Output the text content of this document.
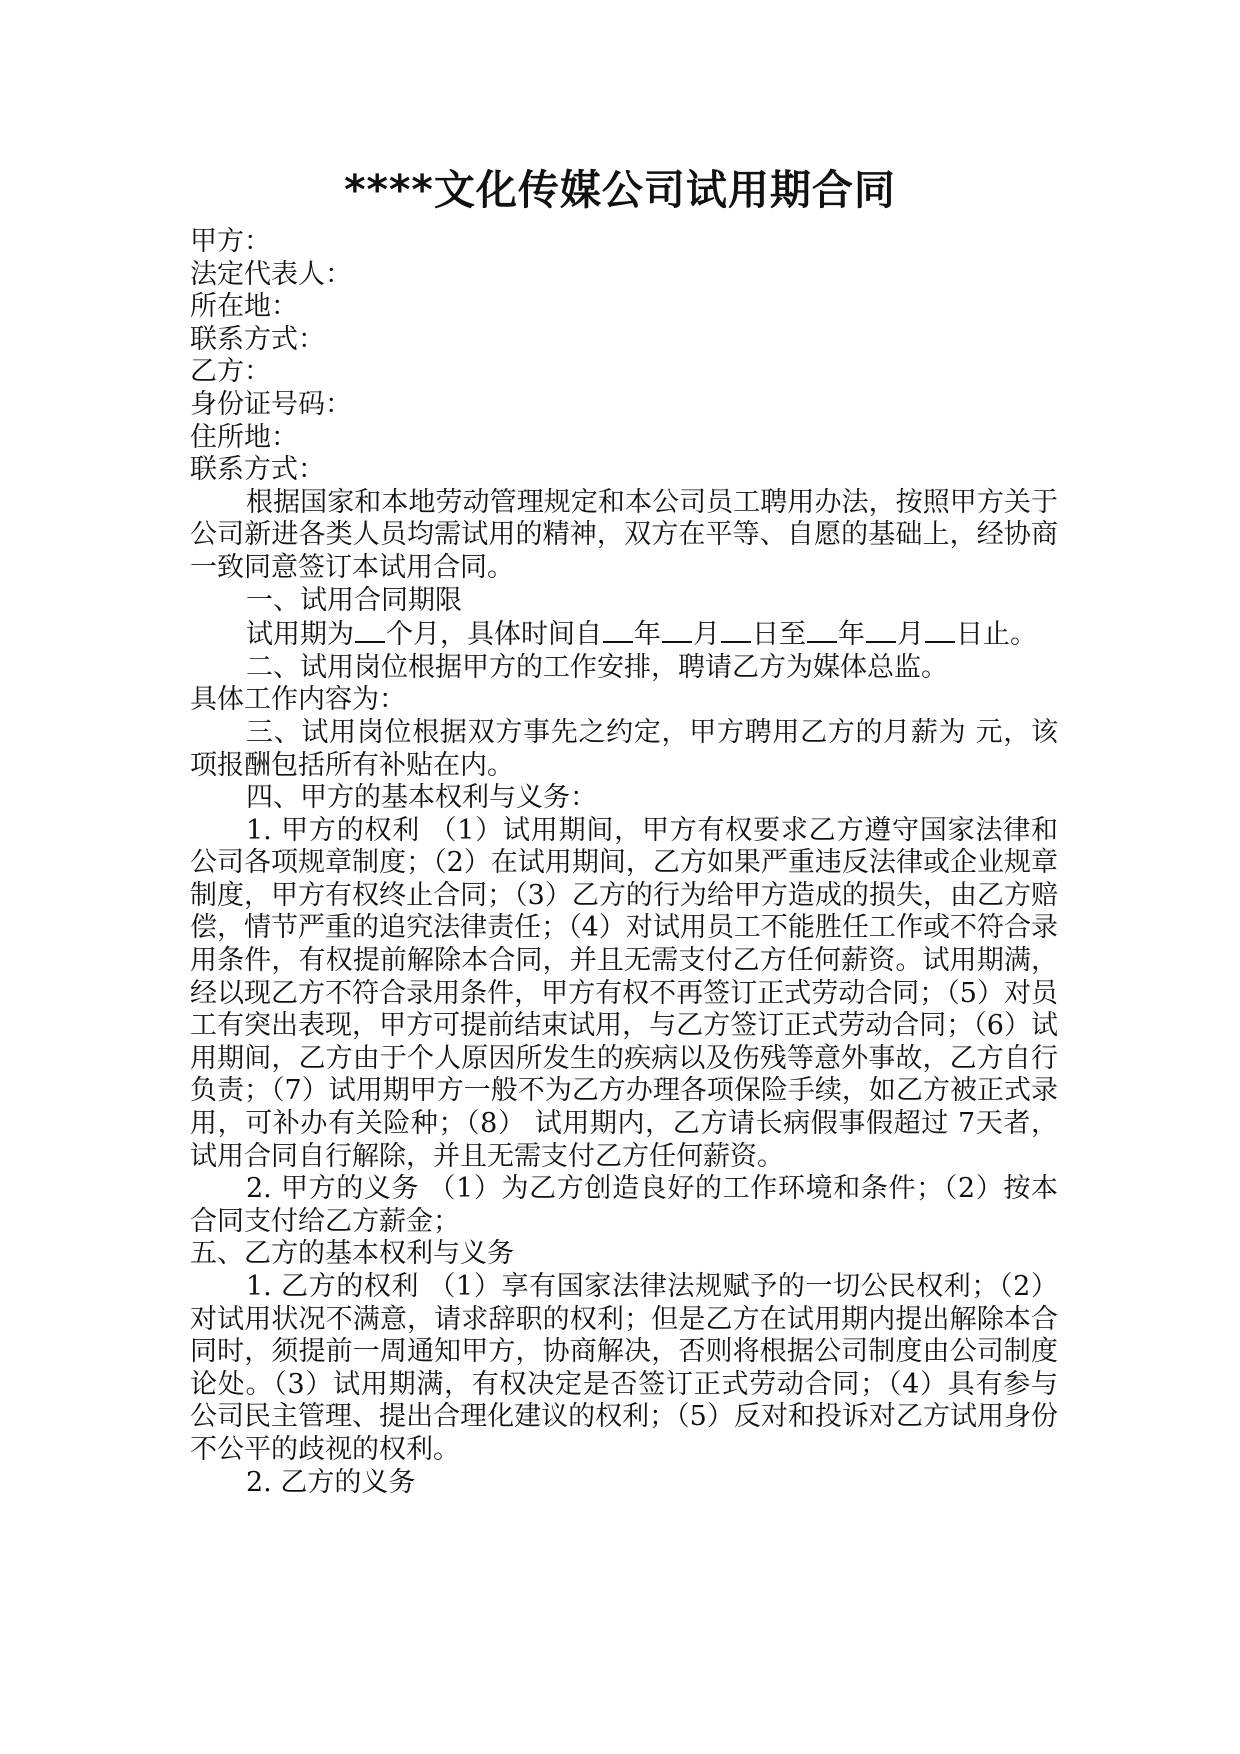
****文化传媒公司试用期合同

甲方：

法定代表人：

所在地：

联系方式：

乙方：

身份证号码：

住所地：

联系方式：

根据国家和本地劳动管理规定和本公司员工聘用办法，按照甲方关于公司新进各类人员均需试用的精神，双方在平等、自愿的基础上，经协商一致同意签订本试用合同。

一、试用合同期限

试用期为 个月，具体时间自 年 月 日至 年 月 日止。

二、试用岗位根据甲方的工作安排，聘请乙方为媒体总监。

具体工作内容为：

三、试用岗位根据双方事先之约定，甲方聘用乙方的月薪为 元，该项报酬包括所有补贴在内。

四、甲方的基本权利与义务：

1. 甲方的权利 （1）试用期间，甲方有权要求乙方遵守国家法律和公司各项规章制度；（2）在试用期间，乙方如果严重违反法律或企业规章制度，甲方有权终止合同；（3）乙方的行为给甲方造成的损失，由乙方赔偿，情节严重的追究法律责任；（4）对试用员工不能胜任工作或不符合录用条件，有权提前解除本合同，并且无需支付乙方任何薪资。试用期满，经以现乙方不符合录用条件，甲方有权不再签订正式劳动合同；（5）对员工有突出表现，甲方可提前结束试用，与乙方签订正式劳动合同；（6）试用期间，乙方由于个人原因所发生的疾病以及伤残等意外事故，乙方自行负责；（7）试用期甲方一般不为乙方办理各项保险手续，如乙方被正式录用，可补办有关险种；（8） 试用期内，乙方请长病假事假超过 7天者，试用合同自行解除，并且无需支付乙方任何薪资。

2. 甲方的义务 （1）为乙方创造良好的工作环境和条件；（2）按本合同支付给乙方薪金；

五、乙方的基本权利与义务

1. 乙方的权利 （1）享有国家法律法规赋予的一切公民权利；（2）对试用状况不满意，请求辞职的权利；但是乙方在试用期内提出解除本合同时，须提前一周通知甲方，协商解决，否则将根据公司制度由公司制度论处。（3）试用期满，有权决定是否签订正式劳动合同；（4）具有参与公司民主管理、提出合理化建议的权利；（5）反对和投诉对乙方试用身份不公平的歧视的权利。

2. 乙方的义务
